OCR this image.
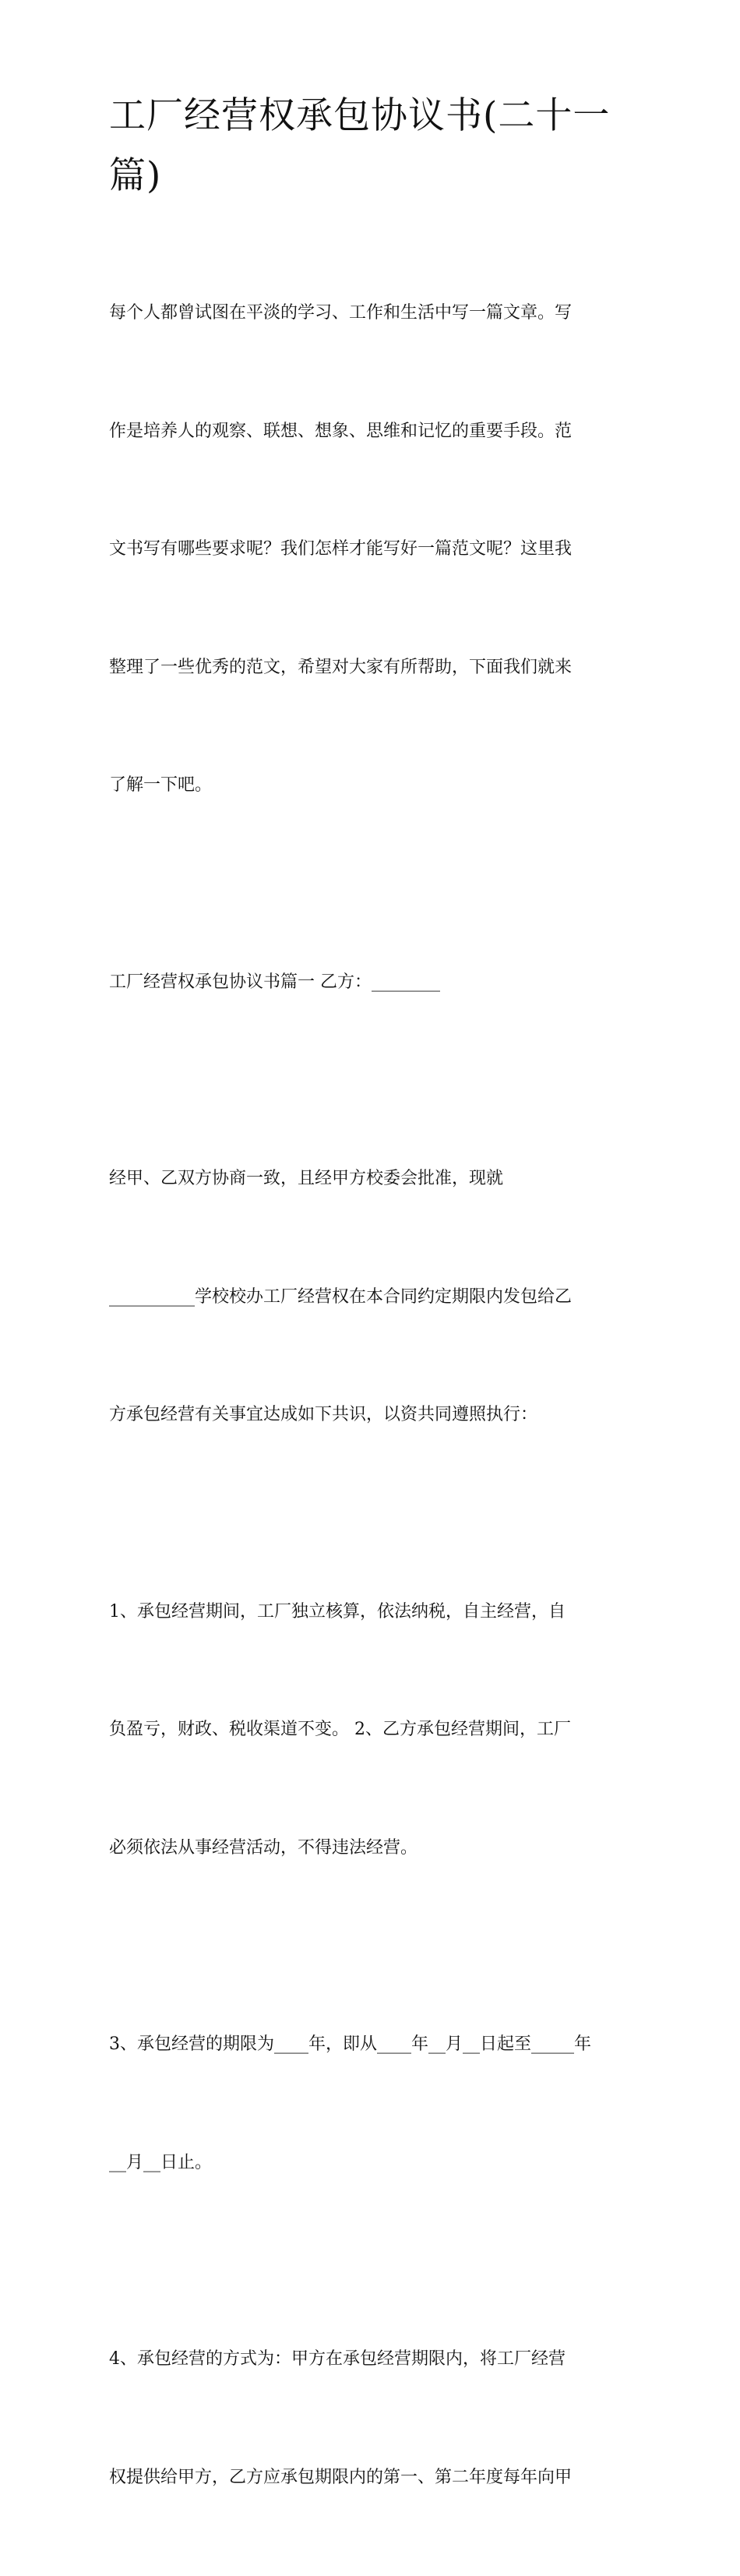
工厂经营权承包协议书(二十一
篇)

每个人都曾试图在平淡的学习、工作和生活中写一篇文章。写

作是培养人的观察、联想、想象、思维和记忆的重要手段。范

文书写有哪些要求呢？我们怎样才能写好一篇范文呢？这里我

整理了一些优秀的范文，希望对大家有所帮助，下面我们就来

了解一下吧。

工厂经营权承包协议书篇一 乙方：________

经甲、乙双方协商一致，且经甲方校委会批准，现就

__________学校校办工厂经营权在本合同约定期限内发包给乙

方承包经营有关事宜达成如下共识，以资共同遵照执行：

1、承包经营期间，工厂独立核算，依法纳税，自主经营，自

负盈亏，财政、税收渠道不变。 2、乙方承包经营期间，工厂

必须依法从事经营活动，不得违法经营。

3、承包经营的期限为____年，即从____年__月__日起至_____年

__月__日止。

4、承包经营的方式为：甲方在承包经营期限内，将工厂经营

权提供给甲方，乙方应承包期限内的第一、第二年度每年向甲
